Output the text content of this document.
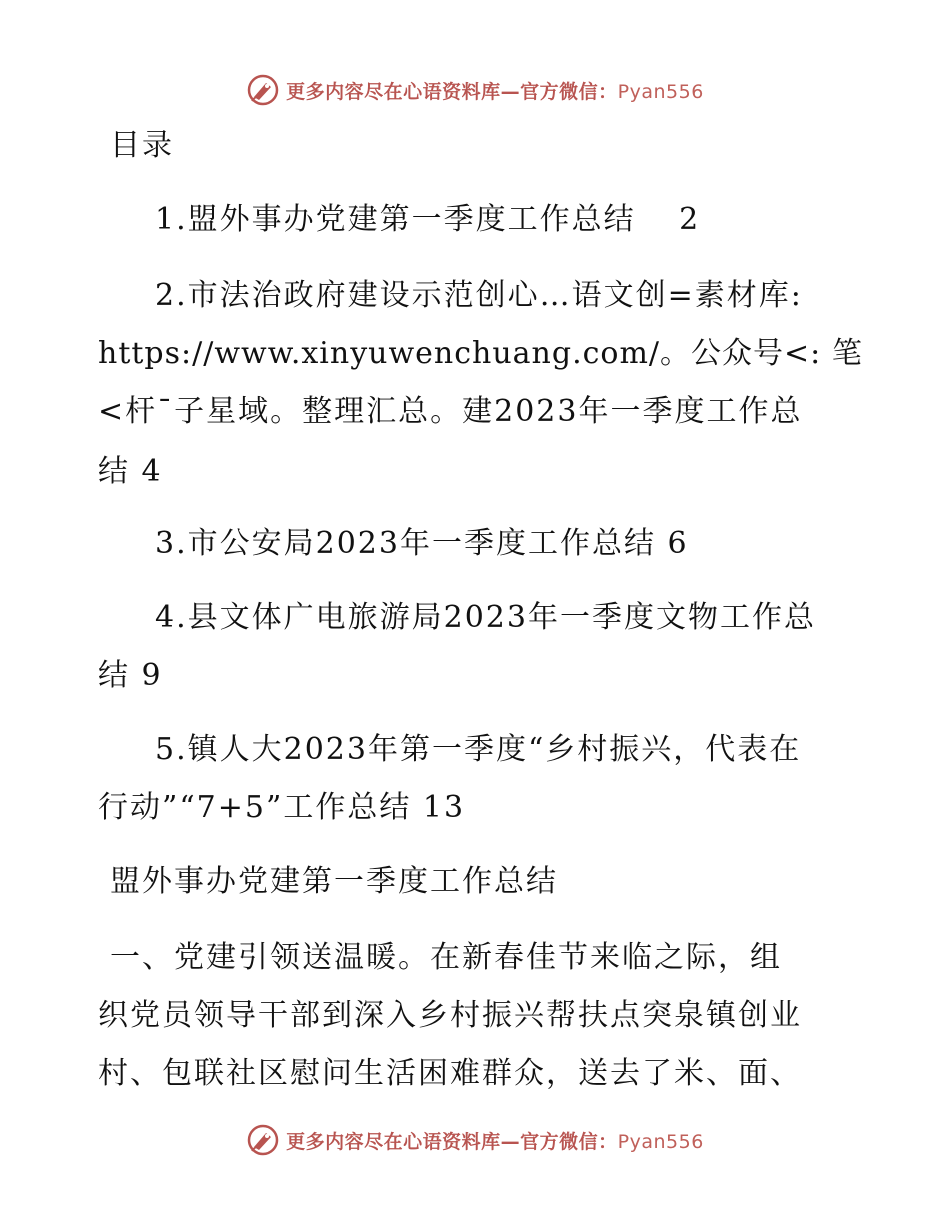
更多内容尽在心语资料库—官方微信：Pyan556
目录
1.盟外事办党建第一季度工作总结　 2
2.市法治政府建设示范创心…语文创=素材库:
https://www.xinyuwenchuang.com/。公众号<: 笔
<杆¯子星域。整理汇总。建2023年一季度工作总
结 4
3.市公安局2023年一季度工作总结 6
4.县文体广电旅游局2023年一季度文物工作总
结 9
5.镇人大2023年第一季度“乡村振兴，代表在
行动”“7+5”工作总结 13
盟外事办党建第一季度工作总结
一、党建引领送温暖。在新春佳节来临之际，组
织党员领导干部到深入乡村振兴帮扶点突泉镇创业
村、包联社区慰问生活困难群众，送去了米、面、
更多内容尽在心语资料库—官方微信：Pyan556
